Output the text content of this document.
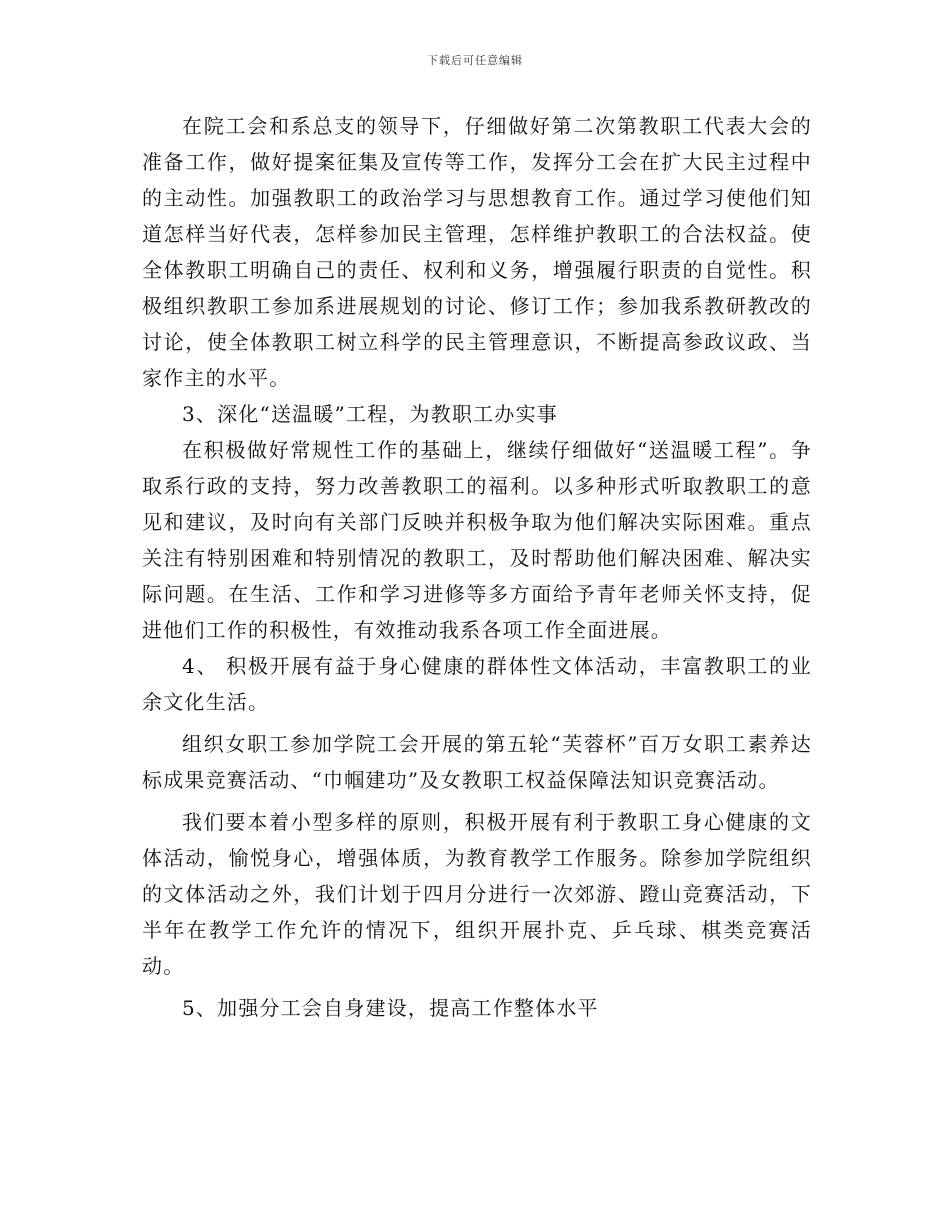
下载后可任意编辑

在院工会和系总支的领导下，仔细做好第二次第教职工代表大会的准备工作，做好提案征集及宣传等工作，发挥分工会在扩大民主过程中的主动性。加强教职工的政治学习与思想教育工作。通过学习使他们知道怎样当好代表，怎样参加民主管理，怎样维护教职工的合法权益。使全体教职工明确自己的责任、权利和义务，增强履行职责的自觉性。积极组织教职工参加系进展规划的讨论、修订工作；参加我系教研教改的讨论，使全体教职工树立科学的民主管理意识，不断提高参政议政、当家作主的水平。

3、深化“送温暖”工程，为教职工办实事

在积极做好常规性工作的基础上，继续仔细做好“送温暖工程”。争取系行政的支持，努力改善教职工的福利。以多种形式听取教职工的意见和建议，及时向有关部门反映并积极争取为他们解决实际困难。重点关注有特别困难和特别情况的教职工，及时帮助他们解决困难、解决实际问题。在生活、工作和学习进修等多方面给予青年老师关怀支持，促进他们工作的积极性，有效推动我系各项工作全面进展。

4、 积极开展有益于身心健康的群体性文体活动，丰富教职工的业余文化生活。

组织女职工参加学院工会开展的第五轮“芙蓉杯”百万女职工素养达标成果竞赛活动、“巾帼建功”及女教职工权益保障法知识竞赛活动。

我们要本着小型多样的原则，积极开展有利于教职工身心健康的文体活动，愉悦身心，增强体质，为教育教学工作服务。除参加学院组织的文体活动之外，我们计划于四月分进行一次郊游、蹬山竞赛活动，下半年在教学工作允许的情况下，组织开展扑克、乒乓球、棋类竞赛活动。

5、加强分工会自身建设，提高工作整体水平
